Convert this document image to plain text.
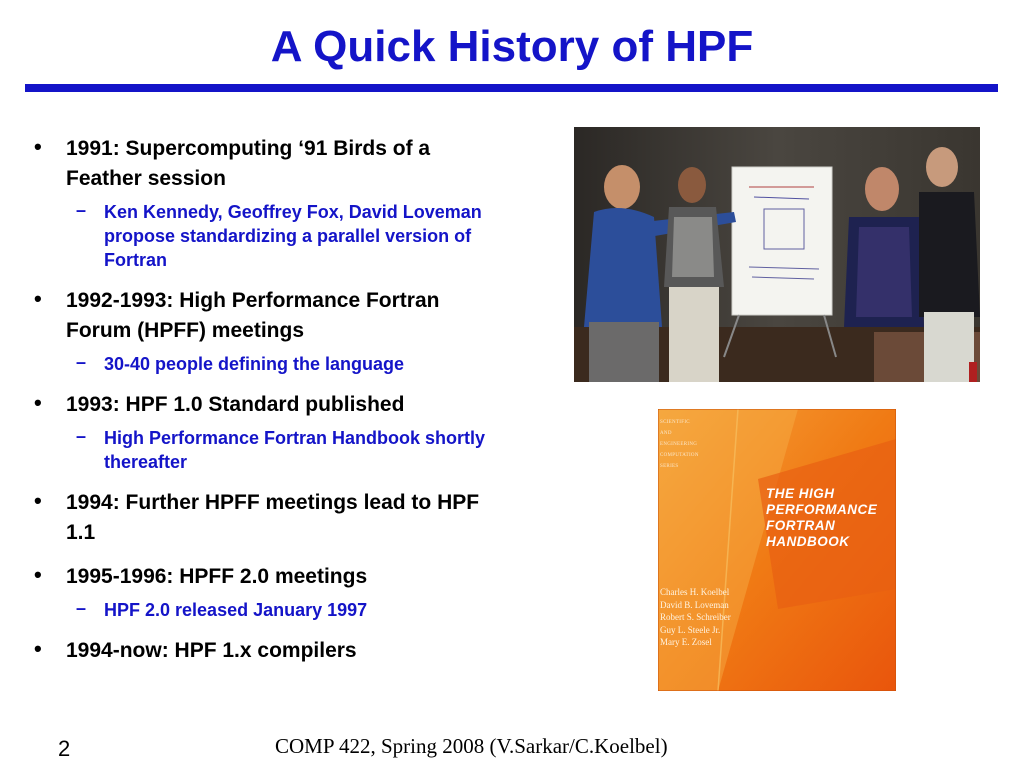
A Quick History of HPF
• 1991: Supercomputing ‘91 Birds of a Feather session
– Ken Kennedy, Geoffrey Fox, David Loveman propose standardizing a parallel version of Fortran
• 1992-1993: High Performance Fortran Forum (HPFF) meetings
– 30-40 people defining the language
• 1993: HPF 1.0 Standard published
– High Performance Fortran Handbook shortly thereafter
• 1994: Further HPFF meetings lead to HPF 1.1
• 1995-1996: HPFF 2.0 meetings
– HPF 2.0 released January 1997
• 1994-now: HPF 1.x compilers
SCIENTIFIC
AND
ENGINEERING
COMPUTATION
SERIES
THE HIGH
PERFORMANCE
FORTRAN
HANDBOOK
Charles H. Koelbel
David B. Loveman
Robert S. Schreiber
Guy L. Steele Jr.
Mary E. Zosel
2	COMP 422, Spring 2008 (V.Sarkar/C.Koelbel)
